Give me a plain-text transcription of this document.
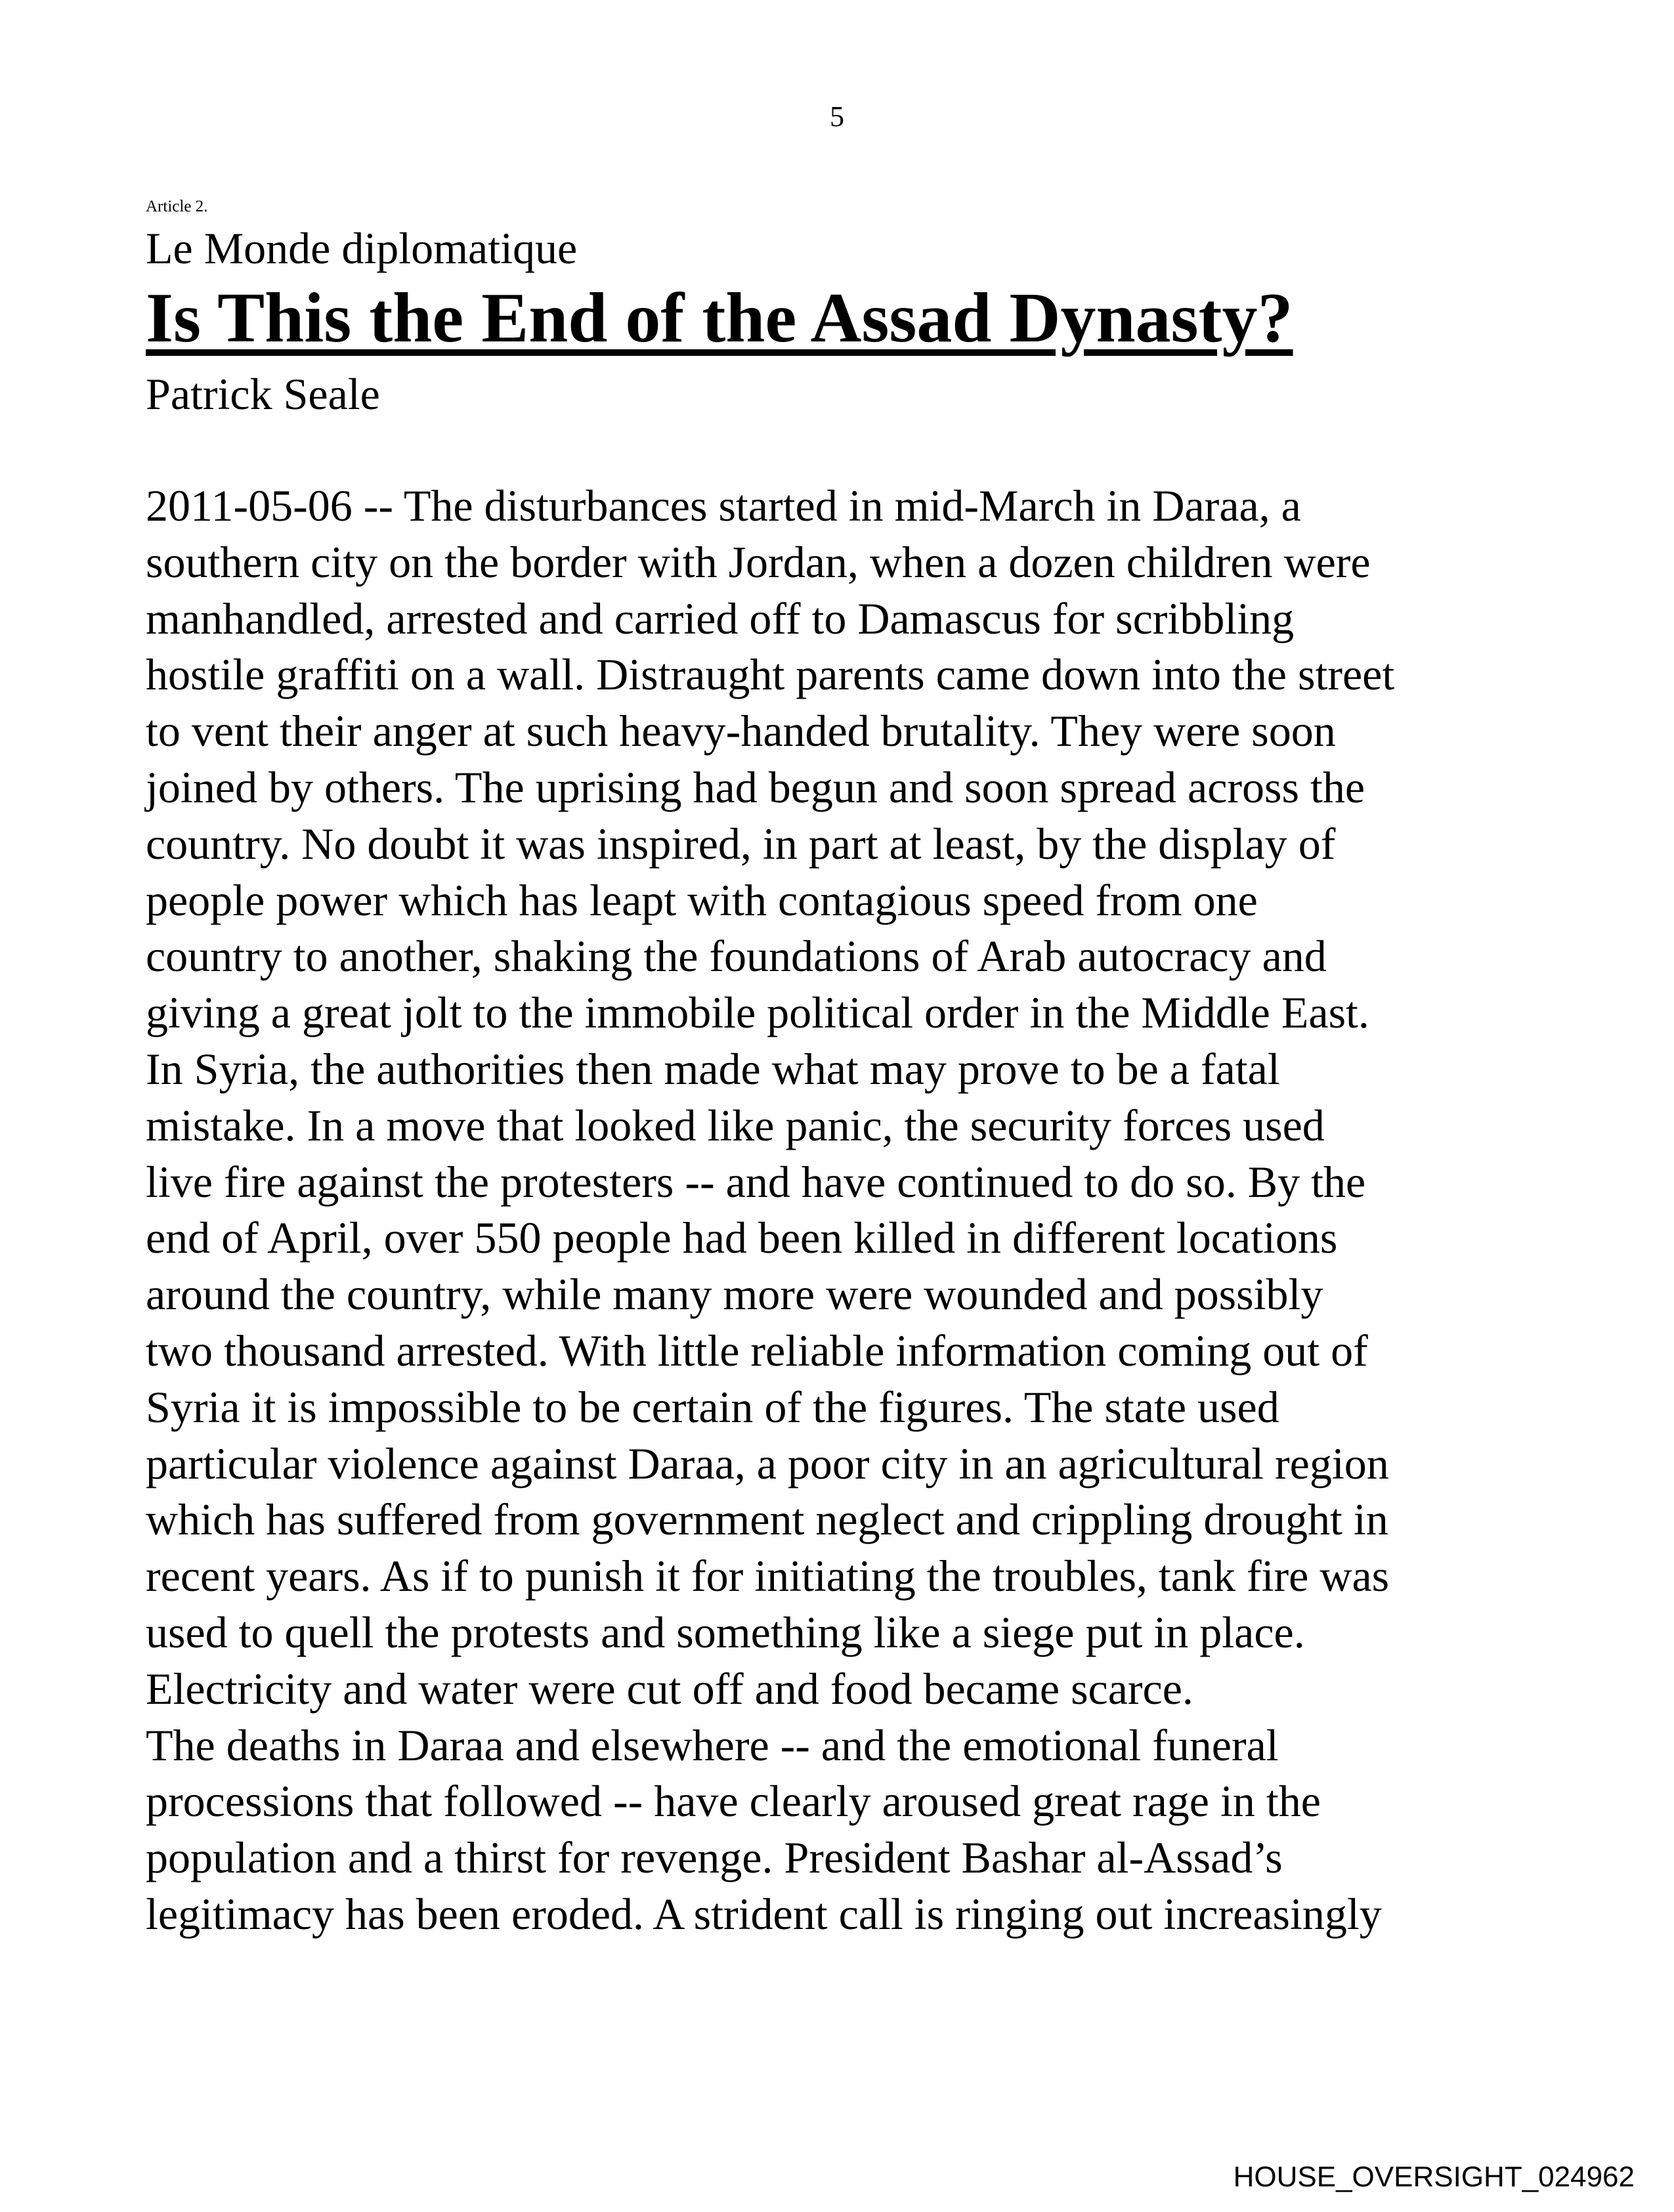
5
Article 2.
Le Monde diplomatique
Is This the End of the Assad Dynasty?
Patrick Seale
2011-05-06 -- The disturbances started in mid-March in Daraa, a
southern city on the border with Jordan, when a dozen children were
manhandled, arrested and carried off to Damascus for scribbling
hostile graffiti on a wall. Distraught parents came down into the street
to vent their anger at such heavy-handed brutality. They were soon
joined by others. The uprising had begun and soon spread across the
country. No doubt it was inspired, in part at least, by the display of
people power which has leapt with contagious speed from one
country to another, shaking the foundations of Arab autocracy and
giving a great jolt to the immobile political order in the Middle East.
In Syria, the authorities then made what may prove to be a fatal
mistake. In a move that looked like panic, the security forces used
live fire against the protesters -- and have continued to do so. By the
end of April, over 550 people had been killed in different locations
around the country, while many more were wounded and possibly
two thousand arrested. With little reliable information coming out of
Syria it is impossible to be certain of the figures. The state used
particular violence against Daraa, a poor city in an agricultural region
which has suffered from government neglect and crippling drought in
recent years. As if to punish it for initiating the troubles, tank fire was
used to quell the protests and something like a siege put in place.
Electricity and water were cut off and food became scarce.
The deaths in Daraa and elsewhere -- and the emotional funeral
processions that followed -- have clearly aroused great rage in the
population and a thirst for revenge. President Bashar al-Assad’s
legitimacy has been eroded. A strident call is ringing out increasingly
HOUSE_OVERSIGHT_024962
